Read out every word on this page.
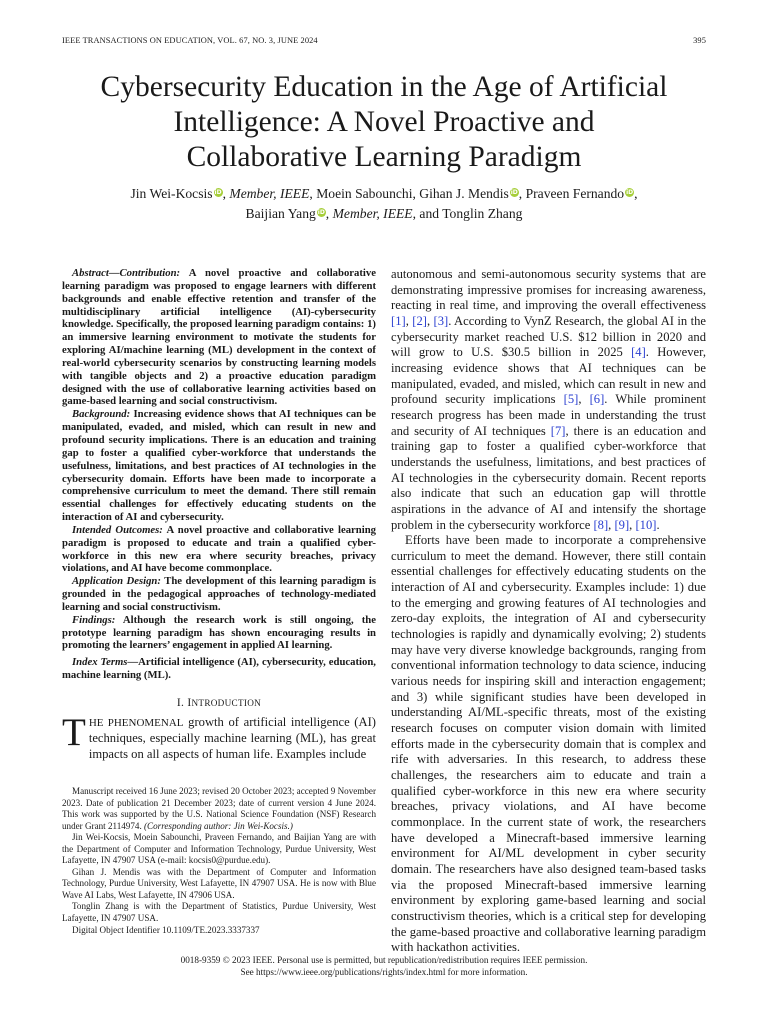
IEEE TRANSACTIONS ON EDUCATION, VOL. 67, NO. 3, JUNE 2024	395
Cybersecurity Education in the Age of Artificial
Intelligence: A Novel Proactive and
Collaborative Learning Paradigm
Jin Wei-Kocsis iD, Member, IEEE, Moein Sabounchi, Gihan J. Mendis iD, Praveen Fernando iD,
Baijian Yang iD, Member, IEEE, and Tonglin Zhang

Abstract—Contribution: A novel proactive and collaborative learning paradigm was proposed to engage learners with different backgrounds and enable effective retention and transfer of the multidisciplinary artificial intelligence (AI)-cybersecurity knowledge. Specifically, the proposed learning paradigm contains: 1) an immersive learning environment to motivate the students for exploring AI/machine learning (ML) development in the context of real-world cybersecurity scenarios by constructing learning models with tangible objects and 2) a proactive education paradigm designed with the use of collaborative learning activities based on game-based learning and social constructivism.

Background: Increasing evidence shows that AI techniques can be manipulated, evaded, and misled, which can result in new and profound security implications. There is an education and training gap to foster a qualified cyber-workforce that understands the usefulness, limitations, and best practices of AI technologies in the cybersecurity domain. Efforts have been made to incorporate a comprehensive curriculum to meet the demand. There still remain essential challenges for effectively educating students on the interaction of AI and cybersecurity.

Intended Outcomes: A novel proactive and collaborative learning paradigm is proposed to educate and train a qualified cyber-workforce in this new era where security breaches, privacy violations, and AI have become commonplace.

Application Design: The development of this learning paradigm is grounded in the pedagogical approaches of technology-mediated learning and social constructivism.

Findings: Although the research work is still ongoing, the prototype learning paradigm has shown encouraging results in promoting the learners’ engagement in applied AI learning.

Index Terms—Artificial intelligence (AI), cybersecurity, education, machine learning (ML).

I. INTRODUCTION

THE PHENOMENAL growth of artificial intelligence (AI) techniques, especially machine learning (ML), has great impacts on all aspects of human life. Examples include

Manuscript received 16 June 2023; revised 20 October 2023; accepted 9 November 2023. Date of publication 21 December 2023; date of current version 4 June 2024. This work was supported by the U.S. National Science Foundation (NSF) Research under Grant 2114974. (Corresponding author: Jin Wei-Kocsis.)

Jin Wei-Kocsis, Moein Sabounchi, Praveen Fernando, and Baijian Yang are with the Department of Computer and Information Technology, Purdue University, West Lafayette, IN 47907 USA (e-mail: kocsis0@purdue.edu).

Gihan J. Mendis was with the Department of Computer and Information Technology, Purdue University, West Lafayette, IN 47907 USA. He is now with Blue Wave AI Labs, West Lafayette, IN 47906 USA.

Tonglin Zhang is with the Department of Statistics, Purdue University, West Lafayette, IN 47907 USA.

Digital Object Identifier 10.1109/TE.2023.3337337

autonomous and semi-autonomous security systems that are demonstrating impressive promises for increasing awareness, reacting in real time, and improving the overall effectiveness [1], [2], [3]. According to VynZ Research, the global AI in the cybersecurity market reached U.S. $12 billion in 2020 and will grow to U.S. $30.5 billion in 2025 [4]. However, increasing evidence shows that AI techniques can be manipulated, evaded, and misled, which can result in new and profound security implications [5], [6]. While prominent research progress has been made in understanding the trust and security of AI techniques [7], there is an education and training gap to foster a qualified cyber-workforce that understands the usefulness, limitations, and best practices of AI technologies in the cybersecurity domain. Recent reports also indicate that such an education gap will throttle aspirations in the advance of AI and intensify the shortage problem in the cybersecurity workforce [8], [9], [10].

Efforts have been made to incorporate a comprehensive curriculum to meet the demand. However, there still contain essential challenges for effectively educating students on the interaction of AI and cybersecurity. Examples include: 1) due to the emerging and growing features of AI technologies and zero-day exploits, the integration of AI and cybersecurity technologies is rapidly and dynamically evolving; 2) students may have very diverse knowledge backgrounds, ranging from conventional information technology to data science, inducing various needs for inspiring skill and interaction engagement; and 3) while significant studies have been developed in understanding AI/ML-specific threats, most of the existing research focuses on computer vision domain with limited efforts made in the cybersecurity domain that is complex and rife with adversaries. In this research, to address these challenges, the researchers aim to educate and train a qualified cyber-workforce in this new era where security breaches, privacy violations, and AI have become commonplace. In the current state of work, the researchers have developed a Minecraft-based immersive learning environment for AI/ML development in cyber security domain. The researchers have also designed team-based tasks via the proposed Minecraft-based immersive learning environment by exploring game-based learning and social constructivism theories, which is a critical step for developing the game-based proactive and collaborative learning paradigm with hackathon activities.

0018-9359 © 2023 IEEE. Personal use is permitted, but republication/redistribution requires IEEE permission.
See https://www.ieee.org/publications/rights/index.html for more information.
